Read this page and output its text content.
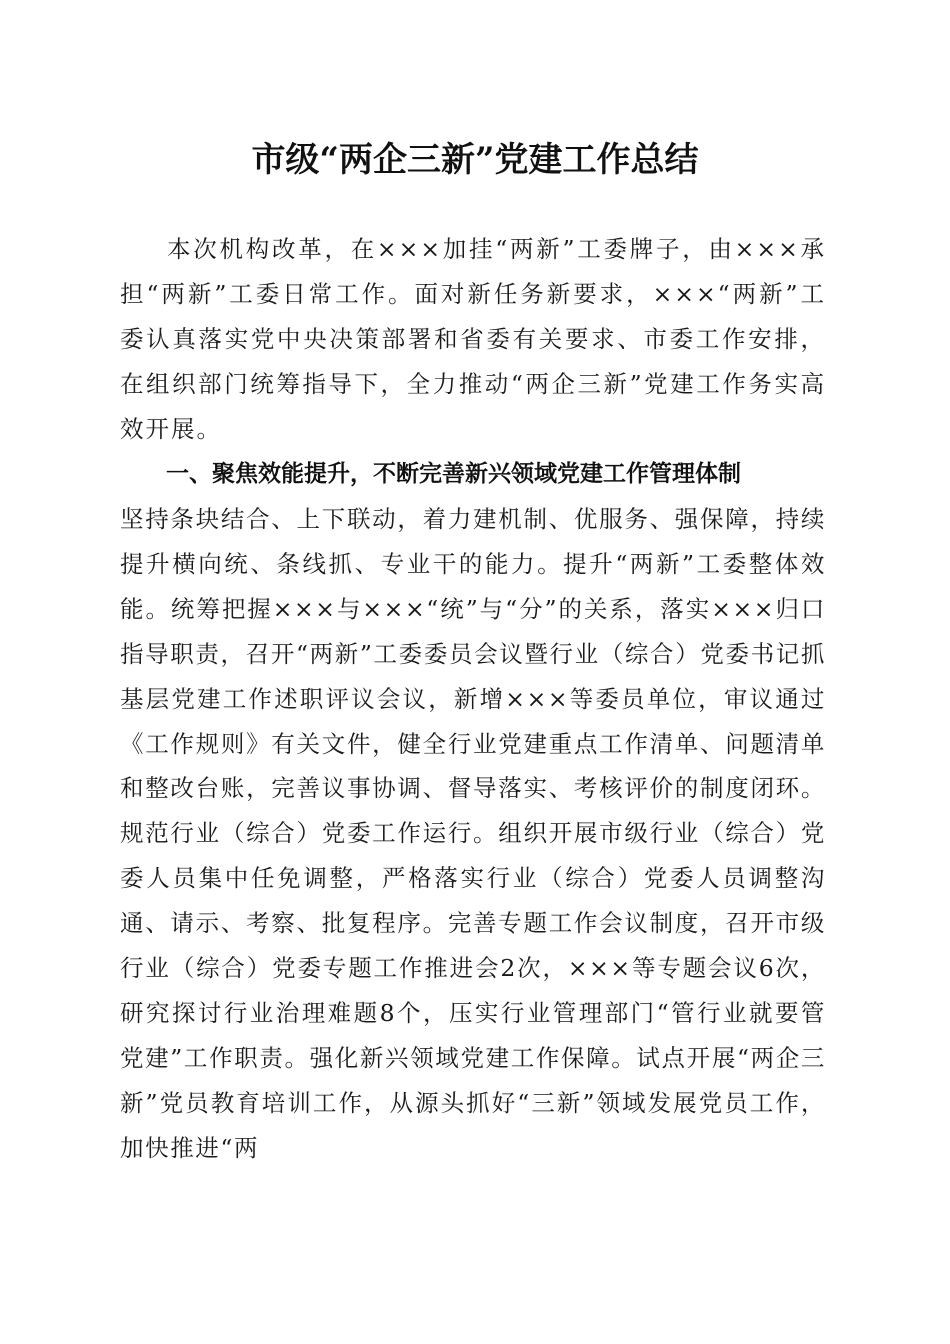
市级“两企三新”党建工作总结

本次机构改革，在×××加挂“两新”工委牌子，由×××承担“两新”工委日常工作。面对新任务新要求，×××“两新”工委认真落实党中央决策部署和省委有关要求、市委工作安排，在组织部门统筹指导下，全力推动“两企三新”党建工作务实高效开展。

一、聚焦效能提升，不断完善新兴领域党建工作管理体制

坚持条块结合、上下联动，着力建机制、优服务、强保障，持续提升横向统、条线抓、专业干的能力。提升“两新”工委整体效能。统筹把握×××与×××“统”与“分”的关系，落实×××归口指导职责，召开“两新”工委委员会议暨行业（综合）党委书记抓基层党建工作述职评议会议，新增×××等委员单位，审议通过《工作规则》有关文件，健全行业党建重点工作清单、问题清单和整改台账，完善议事协调、督导落实、考核评价的制度闭环。规范行业（综合）党委工作运行。组织开展市级行业（综合）党委人员集中任免调整，严格落实行业（综合）党委人员调整沟通、请示、考察、批复程序。完善专题工作会议制度，召开市级行业（综合）党委专题工作推进会2次，×××等专题会议6次，研究探讨行业治理难题8个，压实行业管理部门“管行业就要管党建”工作职责。强化新兴领域党建工作保障。试点开展“两企三新”党员教育培训工作，从源头抓好“三新”领域发展党员工作，加快推进“两
